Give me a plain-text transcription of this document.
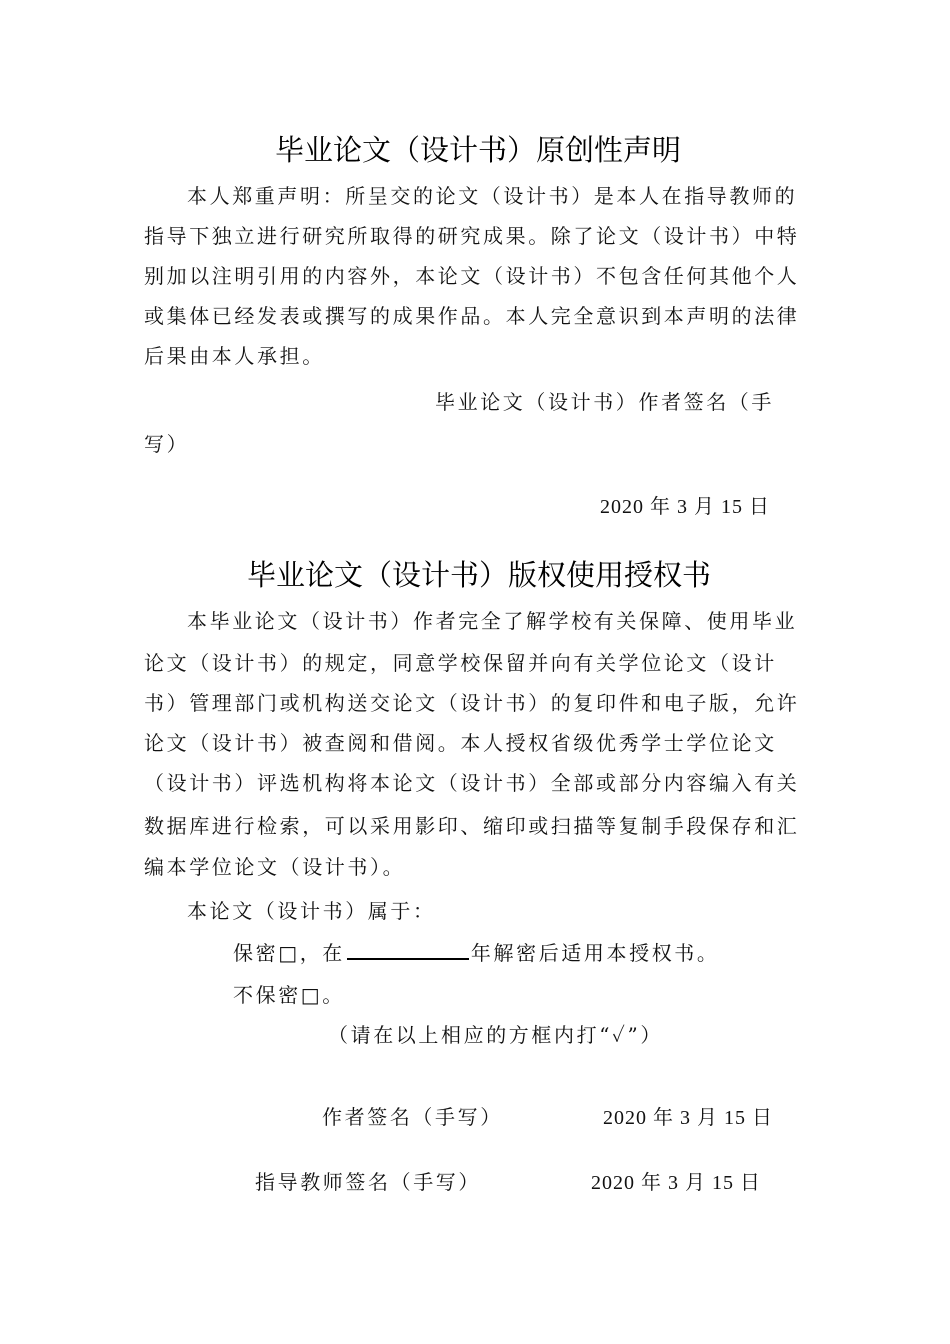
毕业论文（设计书）原创性声明
本人郑重声明：所呈交的论文（设计书）是本人在指导教师的
指导下独立进行研究所取得的研究成果。除了论文（设计书）中特
别加以注明引用的内容外，本论文（设计书）不包含任何其他个人
或集体已经发表或撰写的成果作品。本人完全意识到本声明的法律
后果由本人承担。
毕业论文（设计书）作者签名（手
写）
2020 年 3 月 15 日
毕业论文（设计书）版权使用授权书
本毕业论文（设计书）作者完全了解学校有关保障、使用毕业
论文（设计书）的规定，同意学校保留并向有关学位论文（设计
书）管理部门或机构送交论文（设计书）的复印件和电子版，允许
论文（设计书）被查阅和借阅。本人授权省级优秀学士学位论文
（设计书）评选机构将本论文（设计书）全部或部分内容编入有关
数据库进行检索，可以采用影印、缩印或扫描等复制手段保存和汇
编本学位论文（设计书）。
本论文（设计书）属于：
保密□，在	年解密后适用本授权书。
不保密□。
（请在以上相应的方框内打“✓”）
作者签名（手写）	2020 年 3 月 15 日
指导教师签名（手写）	2020 年 3 月 15 日
